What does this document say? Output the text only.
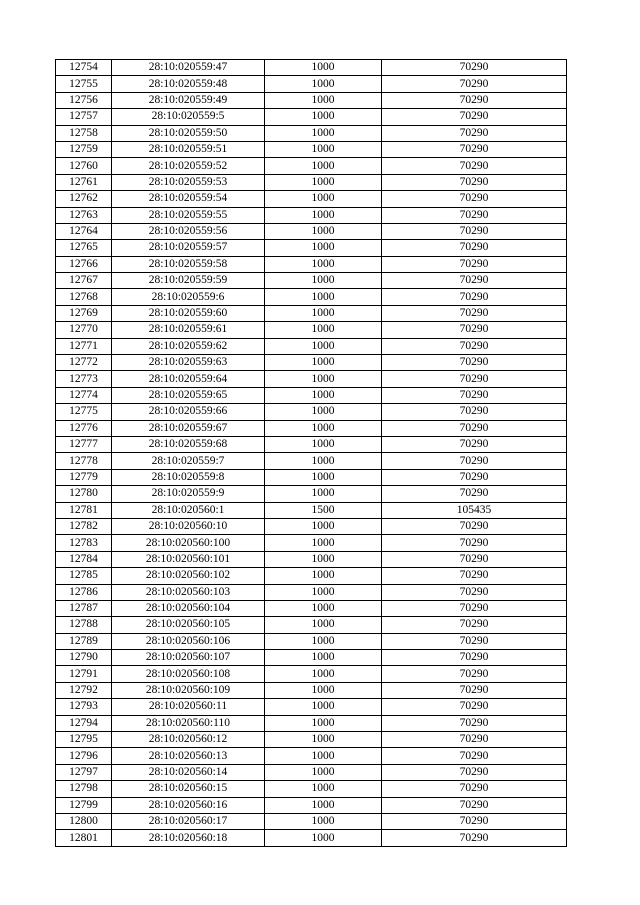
12754	28:10:020559:47	1000	70290
12755	28:10:020559:48	1000	70290
12756	28:10:020559:49	1000	70290
12757	28:10:020559:5	1000	70290
12758	28:10:020559:50	1000	70290
12759	28:10:020559:51	1000	70290
12760	28:10:020559:52	1000	70290
12761	28:10:020559:53	1000	70290
12762	28:10:020559:54	1000	70290
12763	28:10:020559:55	1000	70290
12764	28:10:020559:56	1000	70290
12765	28:10:020559:57	1000	70290
12766	28:10:020559:58	1000	70290
12767	28:10:020559:59	1000	70290
12768	28:10:020559:6	1000	70290
12769	28:10:020559:60	1000	70290
12770	28:10:020559:61	1000	70290
12771	28:10:020559:62	1000	70290
12772	28:10:020559:63	1000	70290
12773	28:10:020559:64	1000	70290
12774	28:10:020559:65	1000	70290
12775	28:10:020559:66	1000	70290
12776	28:10:020559:67	1000	70290
12777	28:10:020559:68	1000	70290
12778	28:10:020559:7	1000	70290
12779	28:10:020559:8	1000	70290
12780	28:10:020559:9	1000	70290
12781	28:10:020560:1	1500	105435
12782	28:10:020560:10	1000	70290
12783	28:10:020560:100	1000	70290
12784	28:10:020560:101	1000	70290
12785	28:10:020560:102	1000	70290
12786	28:10:020560:103	1000	70290
12787	28:10:020560:104	1000	70290
12788	28:10:020560:105	1000	70290
12789	28:10:020560:106	1000	70290
12790	28:10:020560:107	1000	70290
12791	28:10:020560:108	1000	70290
12792	28:10:020560:109	1000	70290
12793	28:10:020560:11	1000	70290
12794	28:10:020560:110	1000	70290
12795	28:10:020560:12	1000	70290
12796	28:10:020560:13	1000	70290
12797	28:10:020560:14	1000	70290
12798	28:10:020560:15	1000	70290
12799	28:10:020560:16	1000	70290
12800	28:10:020560:17	1000	70290
12801	28:10:020560:18	1000	70290
